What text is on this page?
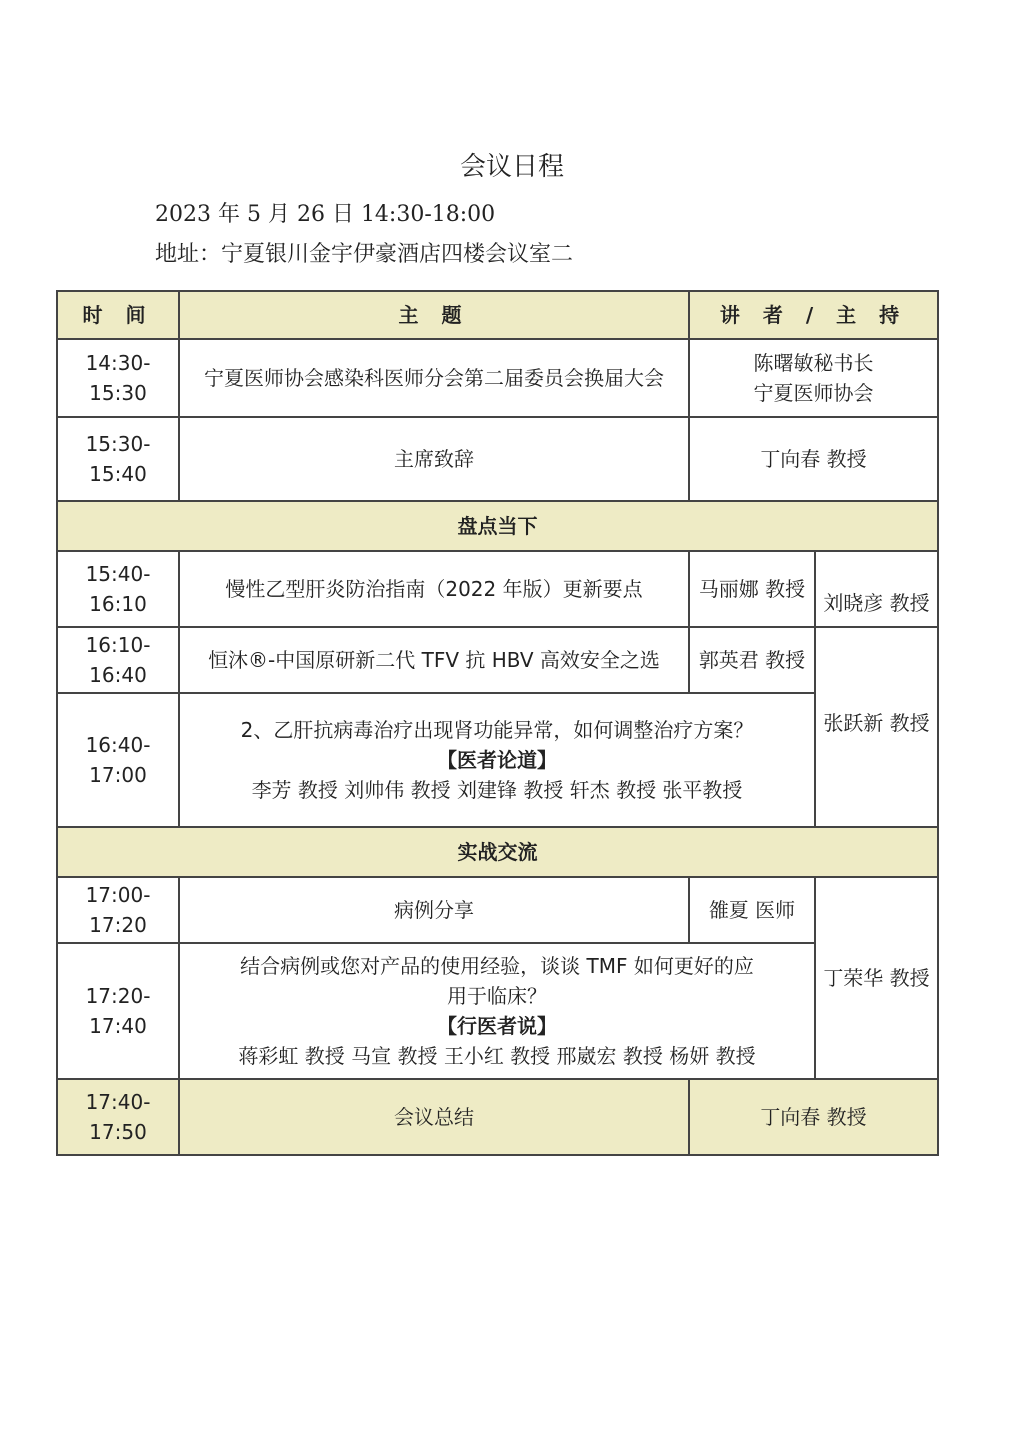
会议日程
2023 年 5 月 26 日 14:30-18:00
地址：宁夏银川金宇伊豪酒店四楼会议室二
时 间	主 题	讲 者 / 主 持	
14:30-15:30	宁夏医师协会感染科医师分会第二届委员会换届大会	陈曙敏秘书长
宁夏医师协会	

15:30-15:40	主席致辞	丁向春 教授	
盘点当下			
15:40-16:10	慢性乙型肝炎防治指南（2022 年版）更新要点	马丽娜 教授	刘晓彦 教授
16:10-16:40	恒沐®-中国原研新二代 TFV 抗 HBV 高效安全之选	郭英君 教授	张跃新 教授
16:40-17:00	2、乙肝抗病毒治疗出现肾功能异常，如何调整治疗方案？
【医者论道】
李芳 教授 刘帅伟 教授 刘建锋 教授 轩杰 教授 张平教授		

实战交流			
17:00-17:20	病例分享	雒夏 医师	丁荣华 教授
17:20-17:40	结合病例或您对产品的使用经验，谈谈 TMF 如何更好的应
用于临床？
【行医者说】
蒋彩虹 教授 马宣 教授 王小红 教授 邢崴宏 教授 杨妍 教授		

17:40-17:50	会议总结	丁向春 教授	
